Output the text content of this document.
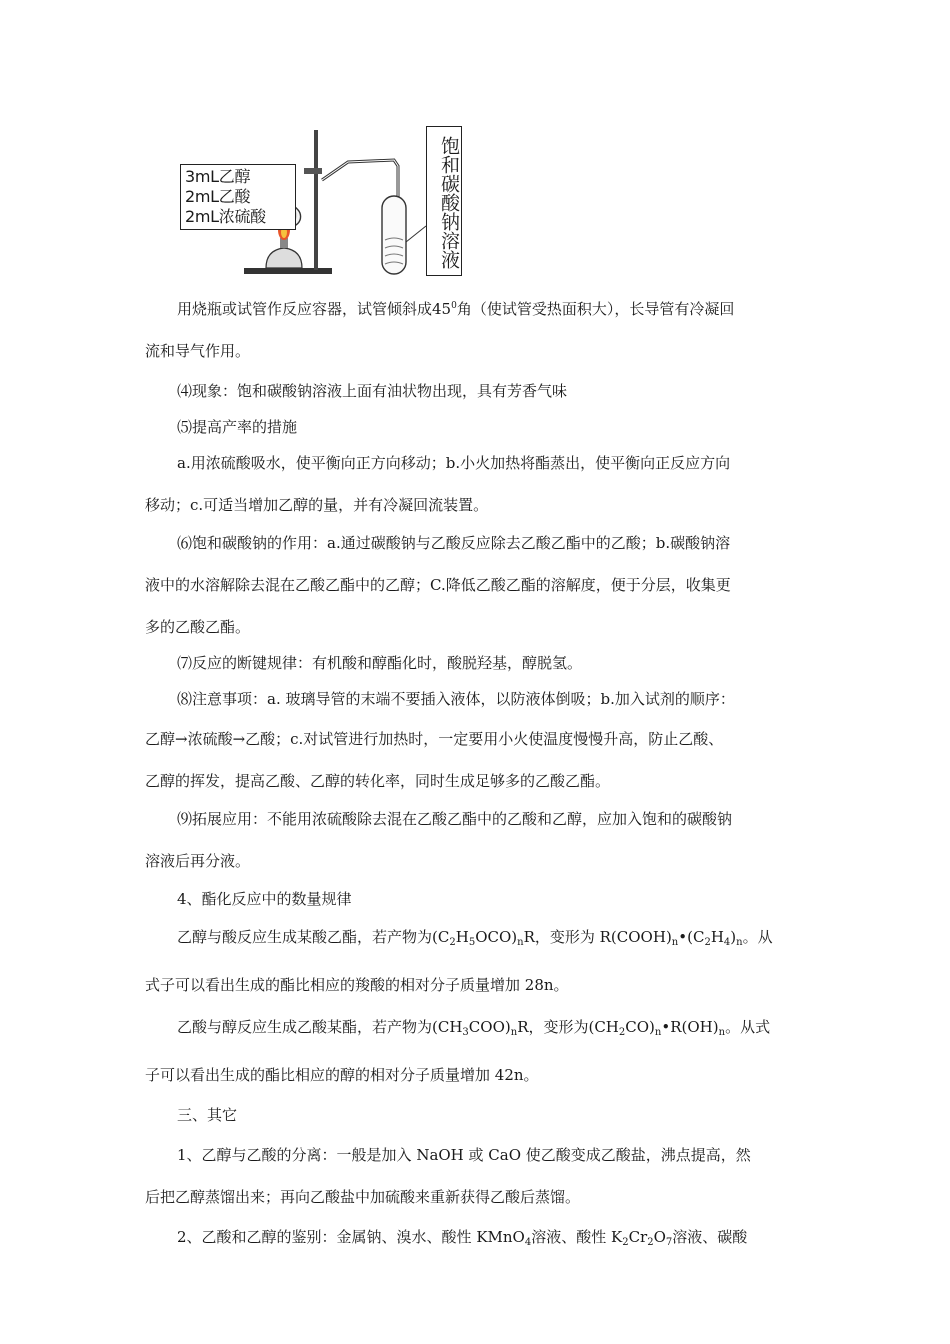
3mL乙醇
2mL乙酸
2mL浓硫酸	饱和碳酸钠溶液

用烧瓶或试管作反应容器，试管倾斜成$45^0$角（使试管受热面积大），长导管有冷凝回

流和导气作用。

⑷现象：饱和碳酸钠溶液上面有油状物出现，具有芳香气味

⑸提高产率的措施

a.用浓硫酸吸水，使平衡向正方向移动；b.小火加热将酯蒸出，使平衡向正反应方向

移动；c.可适当增加乙醇的量，并有冷凝回流装置。

⑹饱和碳酸钠的作用：a.通过碳酸钠与乙酸反应除去乙酸乙酯中的乙酸；b.碳酸钠溶

液中的水溶解除去混在乙酸乙酯中的乙醇；C.降低乙酸乙酯的溶解度，便于分层，收集更

多的乙酸乙酯。

⑺反应的断键规律：有机酸和醇酯化时，酸脱羟基，醇脱氢。

⑻注意事项：a. 玻璃导管的末端不要插入液体，以防液体倒吸；b.加入试剂的顺序：

乙醇→浓硫酸→乙酸；c.对试管进行加热时，一定要用小火使温度慢慢升高，防止乙酸、

乙醇的挥发，提高乙酸、乙醇的转化率，同时生成足够多的乙酸乙酯。

⑼拓展应用：不能用浓硫酸除去混在乙酸乙酯中的乙酸和乙醇，应加入饱和的碳酸钠

溶液后再分液。

4、酯化反应中的数量规律

乙醇与酸反应生成某酸乙酯，若产物为$(C_2H_5OCO)_nR$，变形为 $R(COOH)_n•(C_2H_4)_n$。从

式子可以看出生成的酯比相应的羧酸的相对分子质量增加 28n。

乙酸与醇反应生成乙酸某酯，若产物为$(CH_3COO)_nR$，变形为$(CH_2CO)_n•R(OH)_n$。从式

子可以看出生成的酯比相应的醇的相对分子质量增加 42n。

三、其它

1、乙醇与乙酸的分离：一般是加入 NaOH 或 CaO 使乙酸变成乙酸盐，沸点提高，然

后把乙醇蒸馏出来；再向乙酸盐中加硫酸来重新获得乙酸后蒸馏。

2、乙酸和乙醇的鉴别：金属钠、溴水、酸性 KMnO$_4$溶液、酸性 $K_2Cr_2O_7$溶液、碳酸
